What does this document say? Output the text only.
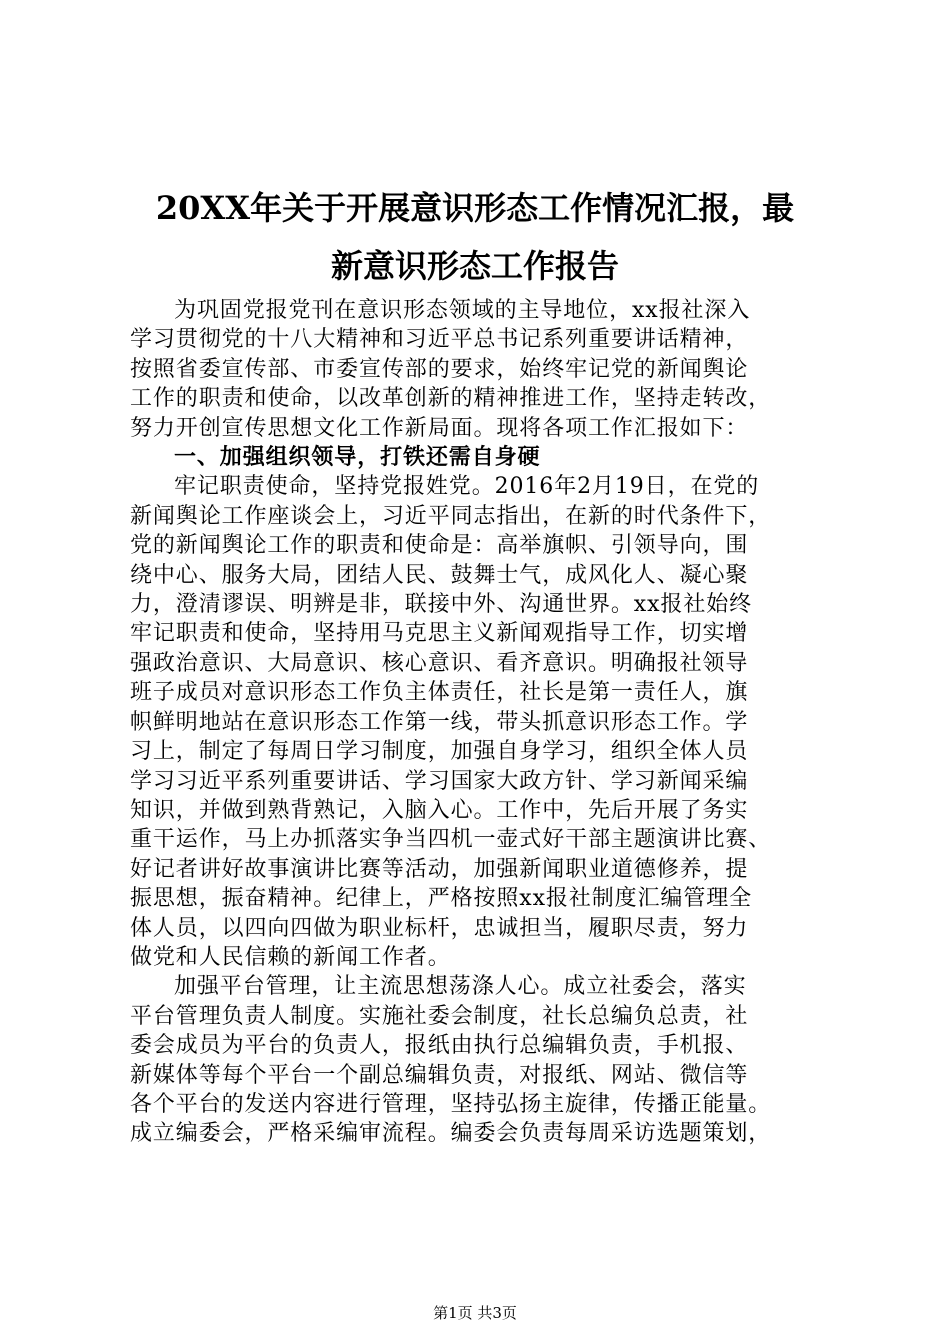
20XX年关于开展意识形态工作情况汇报，最
新意识形态工作报告

为巩固党报党刊在意识形态领域的主导地位，xx报社深入
学习贯彻党的十八大精神和习近平总书记系列重要讲话精神，
按照省委宣传部、市委宣传部的要求，始终牢记党的新闻舆论
工作的职责和使命，以改革创新的精神推进工作，坚持走转改，
努力开创宣传思想文化工作新局面。现将各项工作汇报如下：

一、加强组织领导，打铁还需自身硬

牢记职责使命，坚持党报姓党。2016年2月19日，在党的
新闻舆论工作座谈会上，习近平同志指出，在新的时代条件下，
党的新闻舆论工作的职责和使命是：高举旗帜、引领导向，围
绕中心、服务大局，团结人民、鼓舞士气，成风化人、凝心聚
力，澄清谬误、明辨是非，联接中外、沟通世界。xx报社始终
牢记职责和使命，坚持用马克思主义新闻观指导工作，切实增
强政治意识、大局意识、核心意识、看齐意识。明确报社领导
班子成员对意识形态工作负主体责任，社长是第一责任人，旗
帜鲜明地站在意识形态工作第一线，带头抓意识形态工作。学
习上，制定了每周日学习制度，加强自身学习，组织全体人员
学习习近平系列重要讲话、学习国家大政方针、学习新闻采编
知识，并做到熟背熟记，入脑入心。工作中，先后开展了务实
重干运作，马上办抓落实争当四机一壶式好干部主题演讲比赛、
好记者讲好故事演讲比赛等活动，加强新闻职业道德修养，提
振思想，振奋精神。纪律上，严格按照xx报社制度汇编管理全
体人员，以四向四做为职业标杆，忠诚担当，履职尽责，努力
做党和人民信赖的新闻工作者。

加强平台管理，让主流思想荡涤人心。成立社委会，落实
平台管理负责人制度。实施社委会制度，社长总编负总责，社
委会成员为平台的负责人，报纸由执行总编辑负责，手机报、
新媒体等每个平台一个副总编辑负责，对报纸、网站、微信等
各个平台的发送内容进行管理，坚持弘扬主旋律，传播正能量。
成立编委会，严格采编审流程。编委会负责每周采访选题策划，

第1页 共3页
